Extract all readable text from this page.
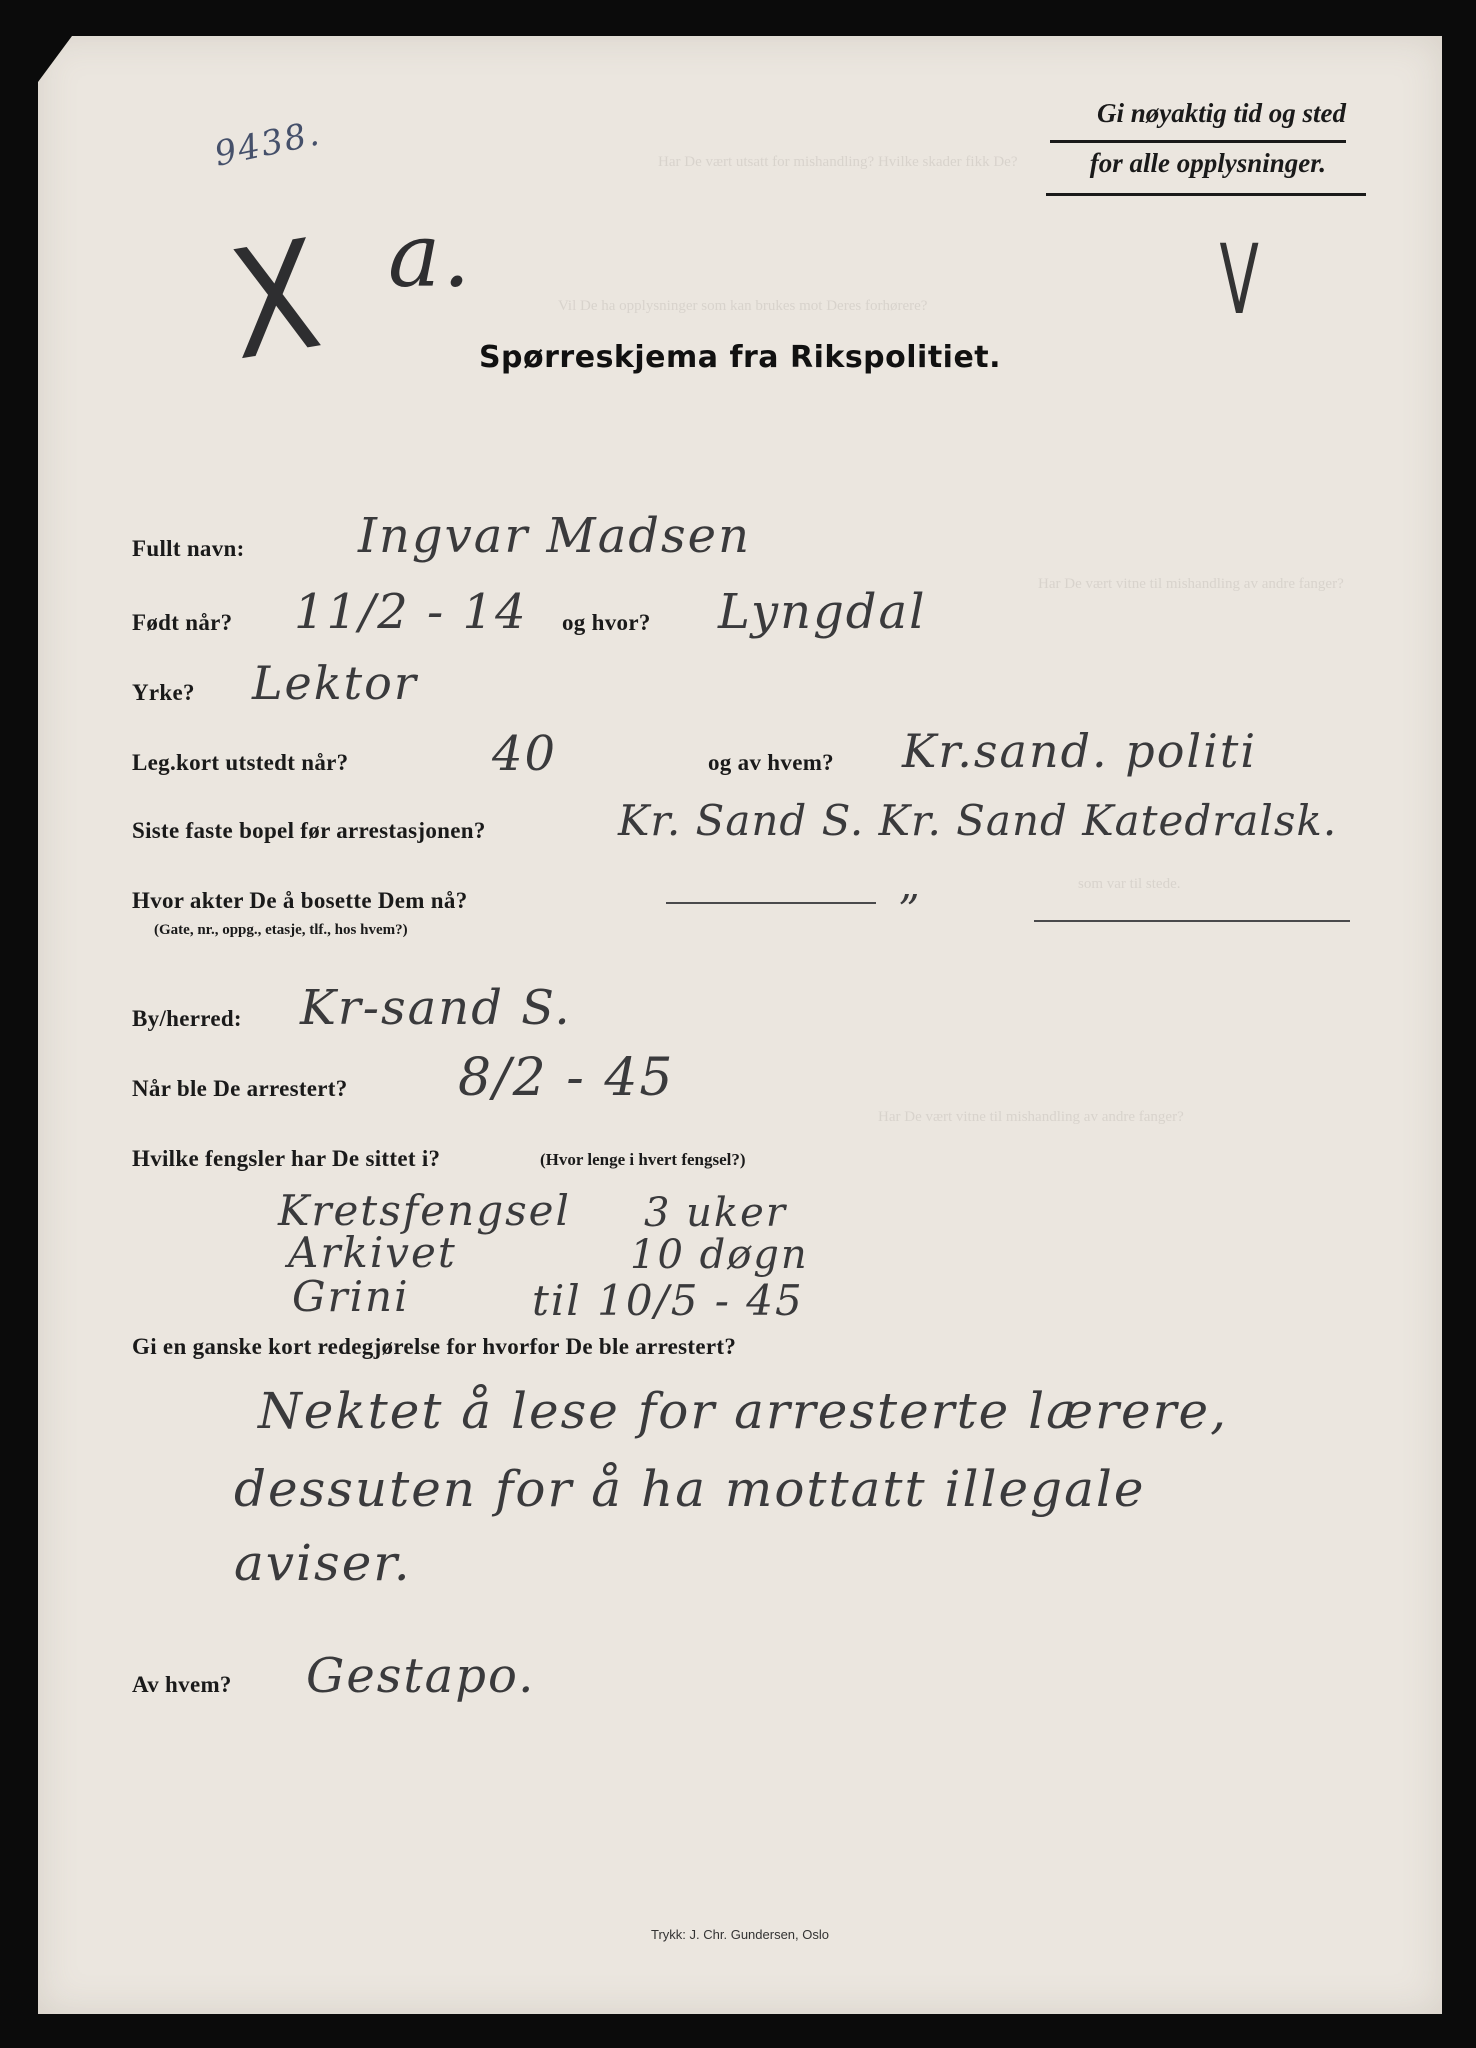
Har De vært utsatt for mishandling? Hvilke skader fikk De?
Vil De ha opplysninger som kan brukes mot Deres forhørere?
Har De vært vitne til mishandling av andre fanger?
som var til stede.
Har De vært vitne til mishandling av andre fanger?
Gi nøyaktig tid og sted
for alle opplysninger.
9438.
X a.	V
Spørreskjema fra Rikspolitiet.
Fullt navn: Ingvar Madsen
Født når? 11/2 - 14 og hvor? Lyngdal
Yrke? Lektor
Leg.kort utstedt når?	40	og av hvem? Kr.sand. politi
Siste faste bopel før arrestasjonen?	Kr. Sand S. Kr. Sand Katedralsk.
Hvor akter De å bosette Dem nå?
(Gate, nr., oppg., etasje, tlf., hos hvem?)	”
By/herred: Kr-sand S.
Når ble De arrestert? 8/2 - 45
Hvilke fengsler har De sittet i?	(Hvor lenge i hvert fengsel?)
Kretsfengsel 3 uker
Arkivet	10 døgn
Grini	til 10/5 - 45
Gi en ganske kort redegjørelse for hvorfor De ble arrestert?
Nektet å lese for arresterte lærere,
dessuten for å ha mottatt illegale
aviser.
Av hvem? Gestapo.
Trykk: J. Chr. Gundersen, Oslo
